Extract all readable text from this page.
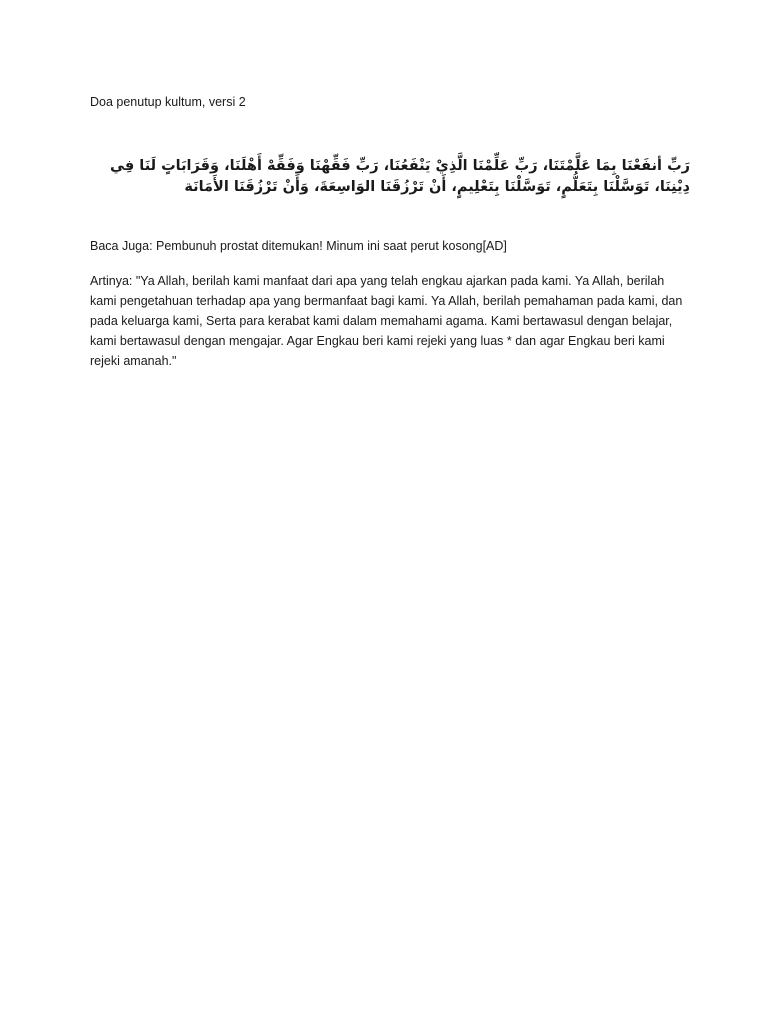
Doa penutup kultum, versi 2

رَبِّ أنفَعْنَا بِمَا عَلَّمْتَنَا، رَبِّ عَلِّمْنَا الَّذِيْ يَنْفَعُنَا، رَبِّ فَقِّهْنَا وَفَقِّهْ أَهْلَنَا، وَقَرَابَاتٍ لَنَا فِي دِيْنِنَا، تَوَسَّلْنَا بِتَعَلُّمٍ، تَوَسَّلْنَا بِتَعْلِيمٍ، أَنْ تَرْزُقَنَا الوَاسِعَةَ، وَأَنْ تَرْزُقَنَا الأَمَانَة
Baca Juga: Pembunuh prostat ditemukan! Minum ini saat perut kosong[AD]
Artinya: "Ya Allah, berilah kami manfaat dari apa yang telah engkau ajarkan pada kami. Ya Allah, berilah kami pengetahuan terhadap apa yang bermanfaat bagi kami. Ya Allah, berilah pemahaman pada kami, dan pada keluarga kami, Serta para kerabat kami dalam memahami agama. Kami bertawasul dengan belajar, kami bertawasul dengan mengajar. Agar Engkau beri kami rejeki yang luas * dan agar Engkau beri kami rejeki amanah."
